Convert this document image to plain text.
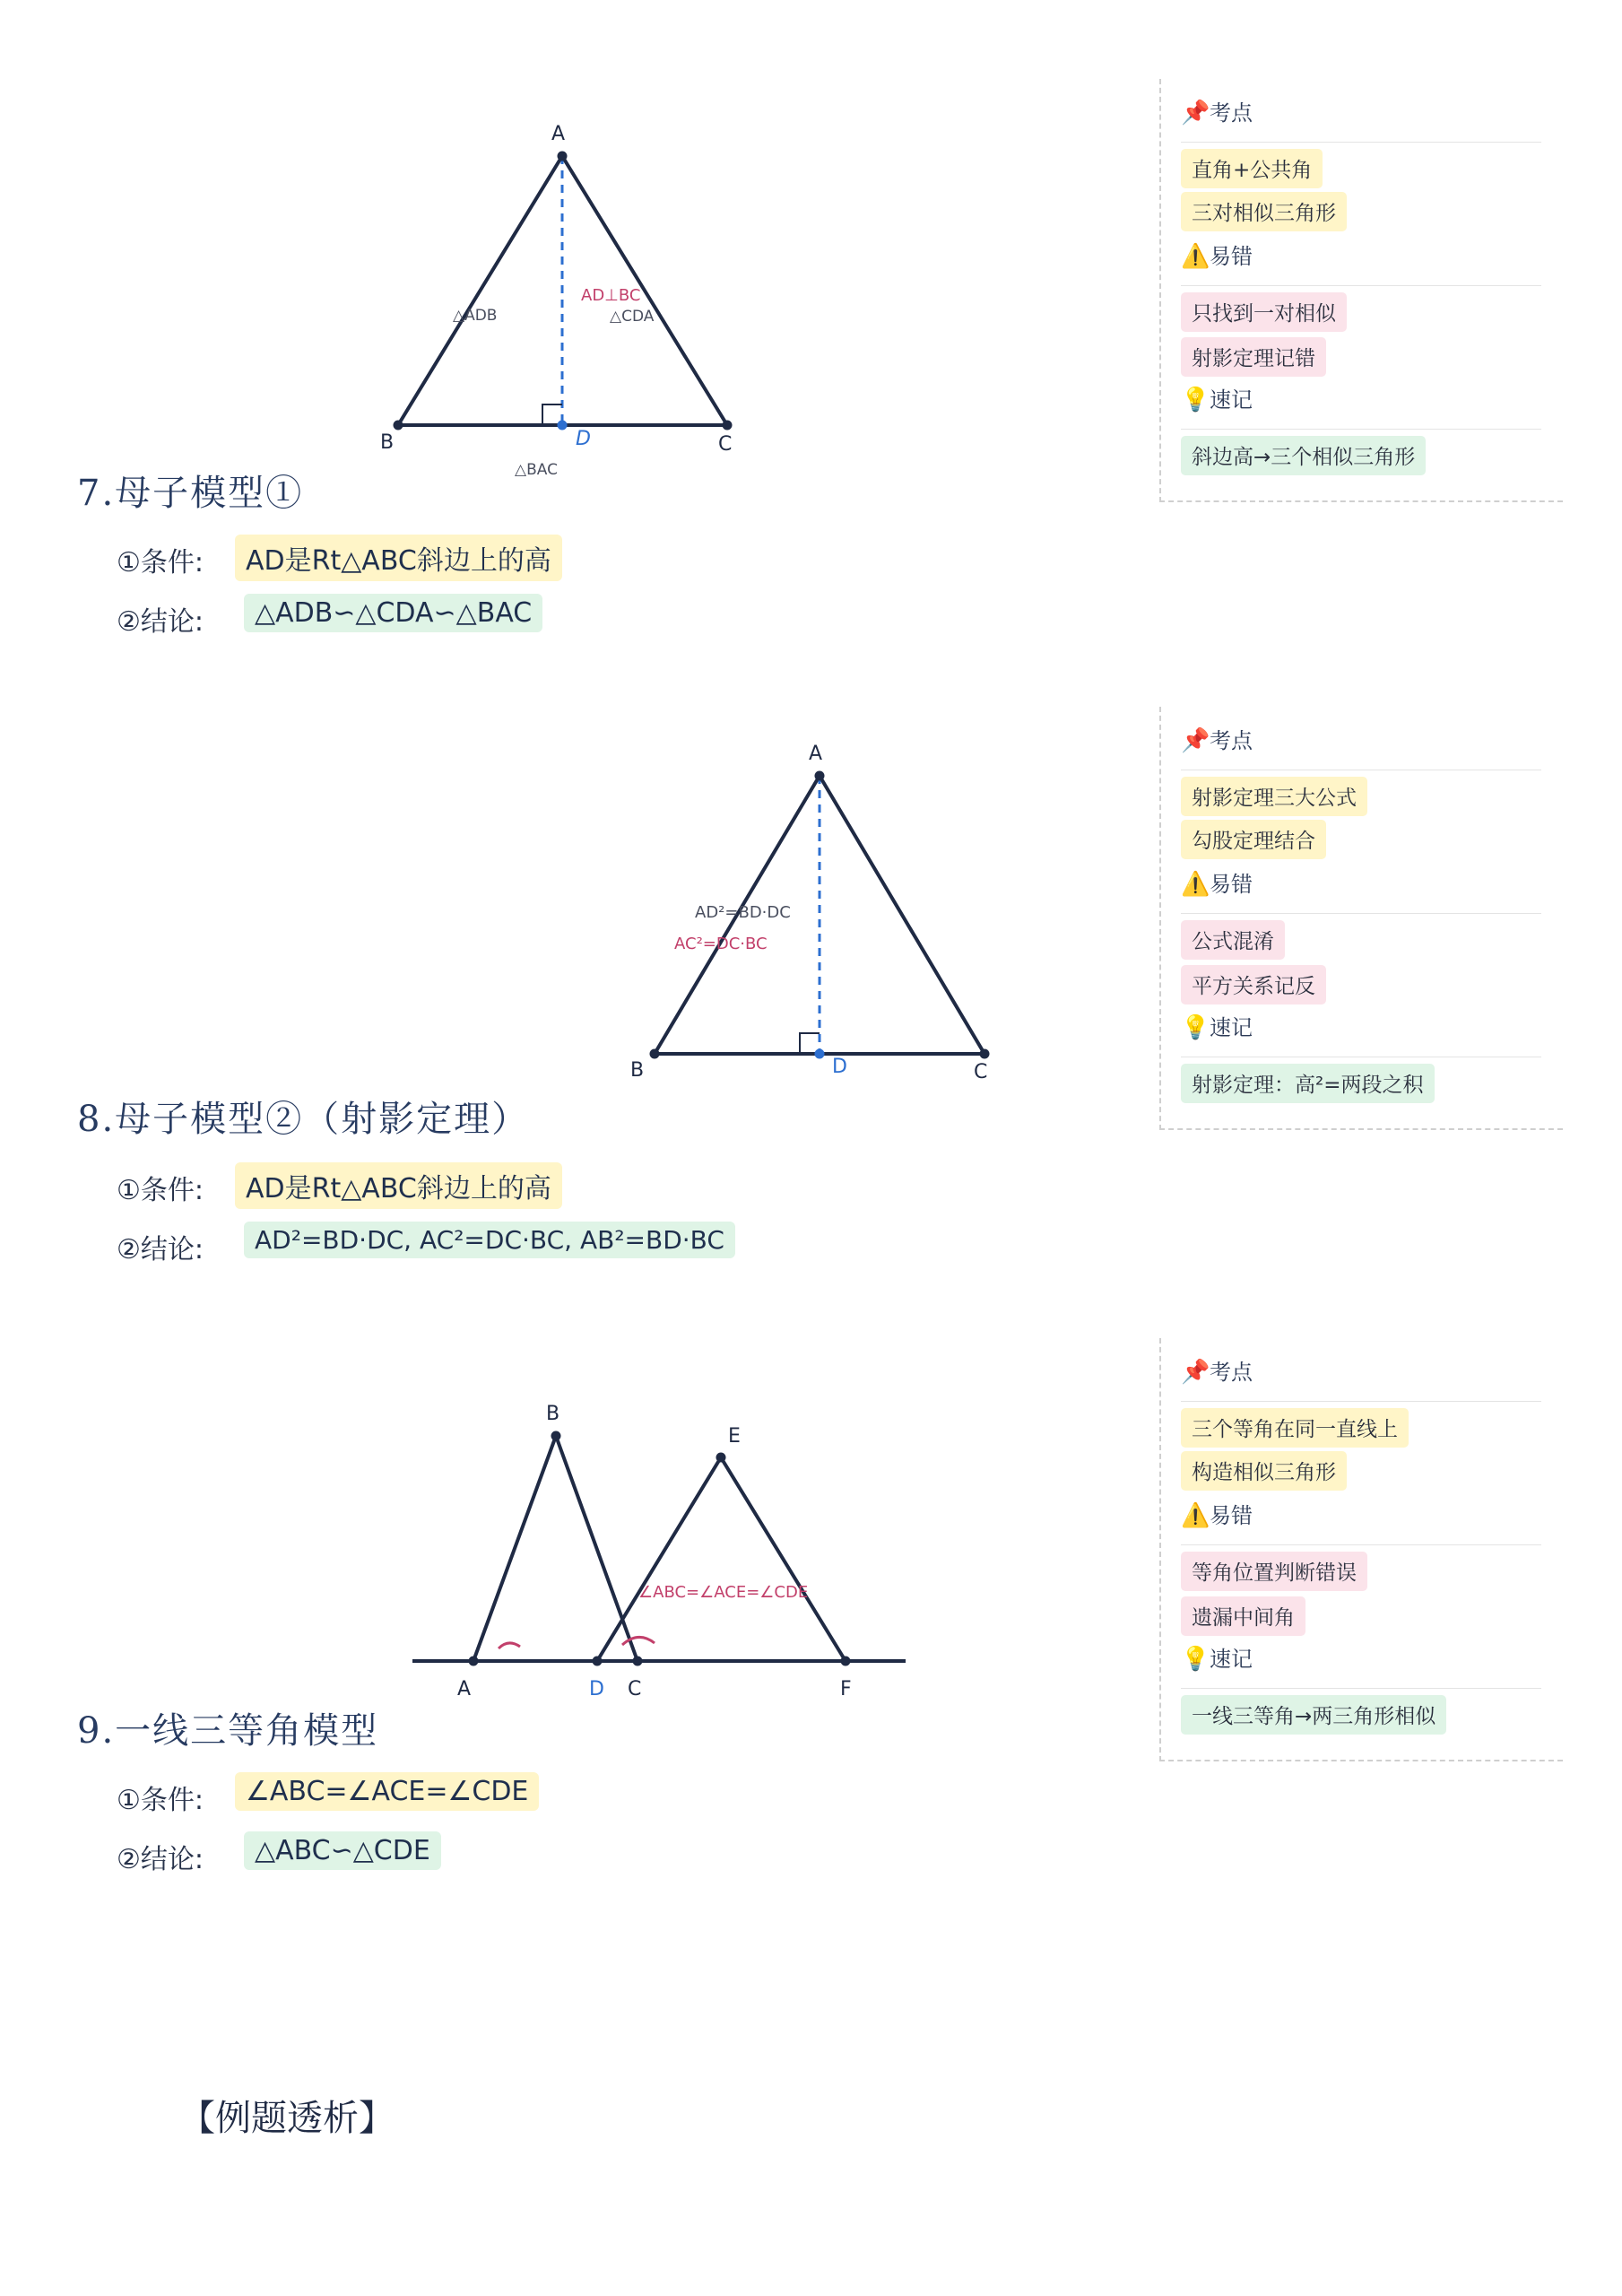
A
B	C
D
△ADB
AD⊥BC
△CDA
△BAC
A
B	C
D
AD²=BD·DC
AC²=DC·BC
B
E
A	D C	F
∠ABC=∠ACE=∠CDE
7.母子模型①
①条件:	AD是Rt△ABC斜边上的高
②结论:	△ADB∽△CDA∽△BAC
8.母子模型②（射影定理）
①条件:	AD是Rt△ABC斜边上的高
②结论:	AD²=BD·DC, AC²=DC·BC, AB²=BD·BC
9.一线三等角模型
①条件:	∠ABC=∠ACE=∠CDE
②结论:	△ABC∽△CDE
📌考点
直角+公共角
三对相似三角形
⚠️易错
只找到一对相似
射影定理记错
💡速记
斜边高→三个相似三角形
📌考点
射影定理三大公式
勾股定理结合
⚠️易错
公式混淆
平方关系记反
💡速记
射影定理：高²=两段之积
📌考点
三个等角在同一直线上
构造相似三角形
⚠️易错
等角位置判断错误
遗漏中间角
💡速记
一线三等角→两三角形相似
【例题透析】
